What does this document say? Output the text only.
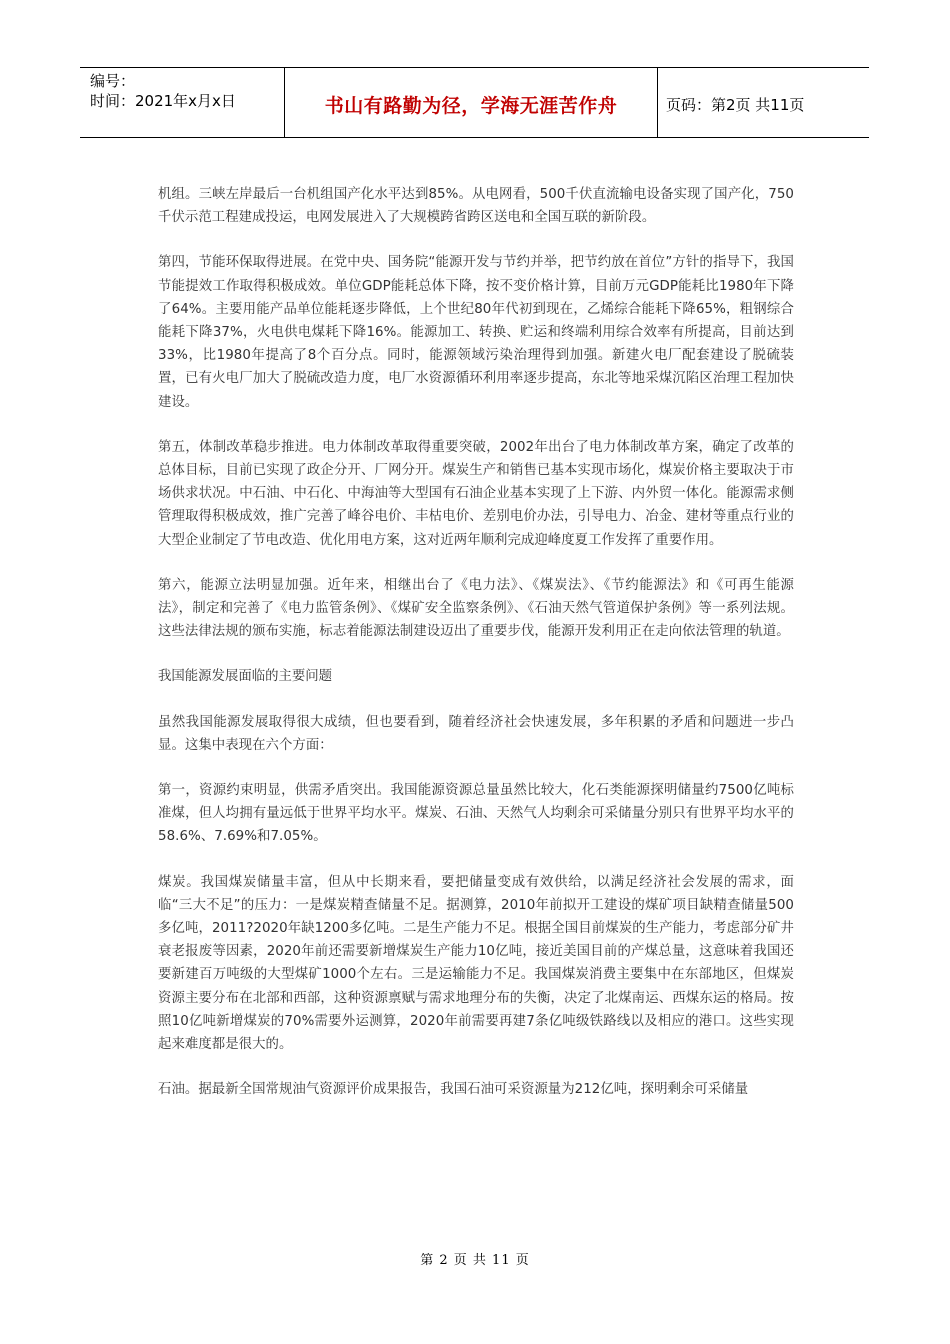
编号：
时间：2021年x月x日	书山有路勤为径，学海无涯苦作舟	页码：第2页 共11页

机组。三峡左岸最后一台机组国产化水平达到85%。从电网看，500千伏直流输电设备实现了国产化，750千伏示范工程建成投运，电网发展进入了大规模跨省跨区送电和全国互联的新阶段。

第四，节能环保取得进展。在党中央、国务院“能源开发与节约并举，把节约放在首位”方针的指导下，我国节能提效工作取得积极成效。单位GDP能耗总体下降，按不变价格计算，目前万元GDP能耗比1980年下降了64%。主要用能产品单位能耗逐步降低，上个世纪80年代初到现在，乙烯综合能耗下降65%，粗钢综合能耗下降37%，火电供电煤耗下降16%。能源加工、转换、贮运和终端利用综合效率有所提高，目前达到33%，比1980年提高了8个百分点。同时，能源领域污染治理得到加强。新建火电厂配套建设了脱硫装置，已有火电厂加大了脱硫改造力度，电厂水资源循环利用率逐步提高，东北等地采煤沉陷区治理工程加快建设。

第五，体制改革稳步推进。电力体制改革取得重要突破，2002年出台了电力体制改革方案，确定了改革的总体目标，目前已实现了政企分开、厂网分开。煤炭生产和销售已基本实现市场化，煤炭价格主要取决于市场供求状况。中石油、中石化、中海油等大型国有石油企业基本实现了上下游、内外贸一体化。能源需求侧管理取得积极成效，推广完善了峰谷电价、丰枯电价、差别电价办法，引导电力、冶金、建材等重点行业的大型企业制定了节电改造、优化用电方案，这对近两年顺利完成迎峰度夏工作发挥了重要作用。

第六，能源立法明显加强。近年来，相继出台了《电力法》、《煤炭法》、《节约能源法》和《可再生能源法》，制定和完善了《电力监管条例》、《煤矿安全监察条例》、《石油天然气管道保护条例》等一系列法规。这些法律法规的颁布实施，标志着能源法制建设迈出了重要步伐，能源开发利用正在走向依法管理的轨道。

我国能源发展面临的主要问题

虽然我国能源发展取得很大成绩，但也要看到，随着经济社会快速发展，多年积累的矛盾和问题进一步凸显。这集中表现在六个方面：

第一，资源约束明显，供需矛盾突出。我国能源资源总量虽然比较大，化石类能源探明储量约7500亿吨标准煤，但人均拥有量远低于世界平均水平。煤炭、石油、天然气人均剩余可采储量分别只有世界平均水平的58.6%、7.69%和7.05%。

煤炭。我国煤炭储量丰富，但从中长期来看，要把储量变成有效供给，以满足经济社会发展的需求，面临“三大不足”的压力：一是煤炭精查储量不足。据测算，2010年前拟开工建设的煤矿项目缺精查储量500多亿吨，2011?2020年缺1200多亿吨。二是生产能力不足。根据全国目前煤炭的生产能力，考虑部分矿井衰老报废等因素，2020年前还需要新增煤炭生产能力10亿吨，接近美国目前的产煤总量，这意味着我国还要新建百万吨级的大型煤矿1000个左右。三是运输能力不足。我国煤炭消费主要集中在东部地区，但煤炭资源主要分布在北部和西部，这种资源禀赋与需求地理分布的失衡，决定了北煤南运、西煤东运的格局。按照10亿吨新增煤炭的70%需要外运测算，2020年前需要再建7条亿吨级铁路线以及相应的港口。这些实现起来难度都是很大的。

石油。据最新全国常规油气资源评价成果报告，我国石油可采资源量为212亿吨，探明剩余可采储量

第 2 页 共 11 页
